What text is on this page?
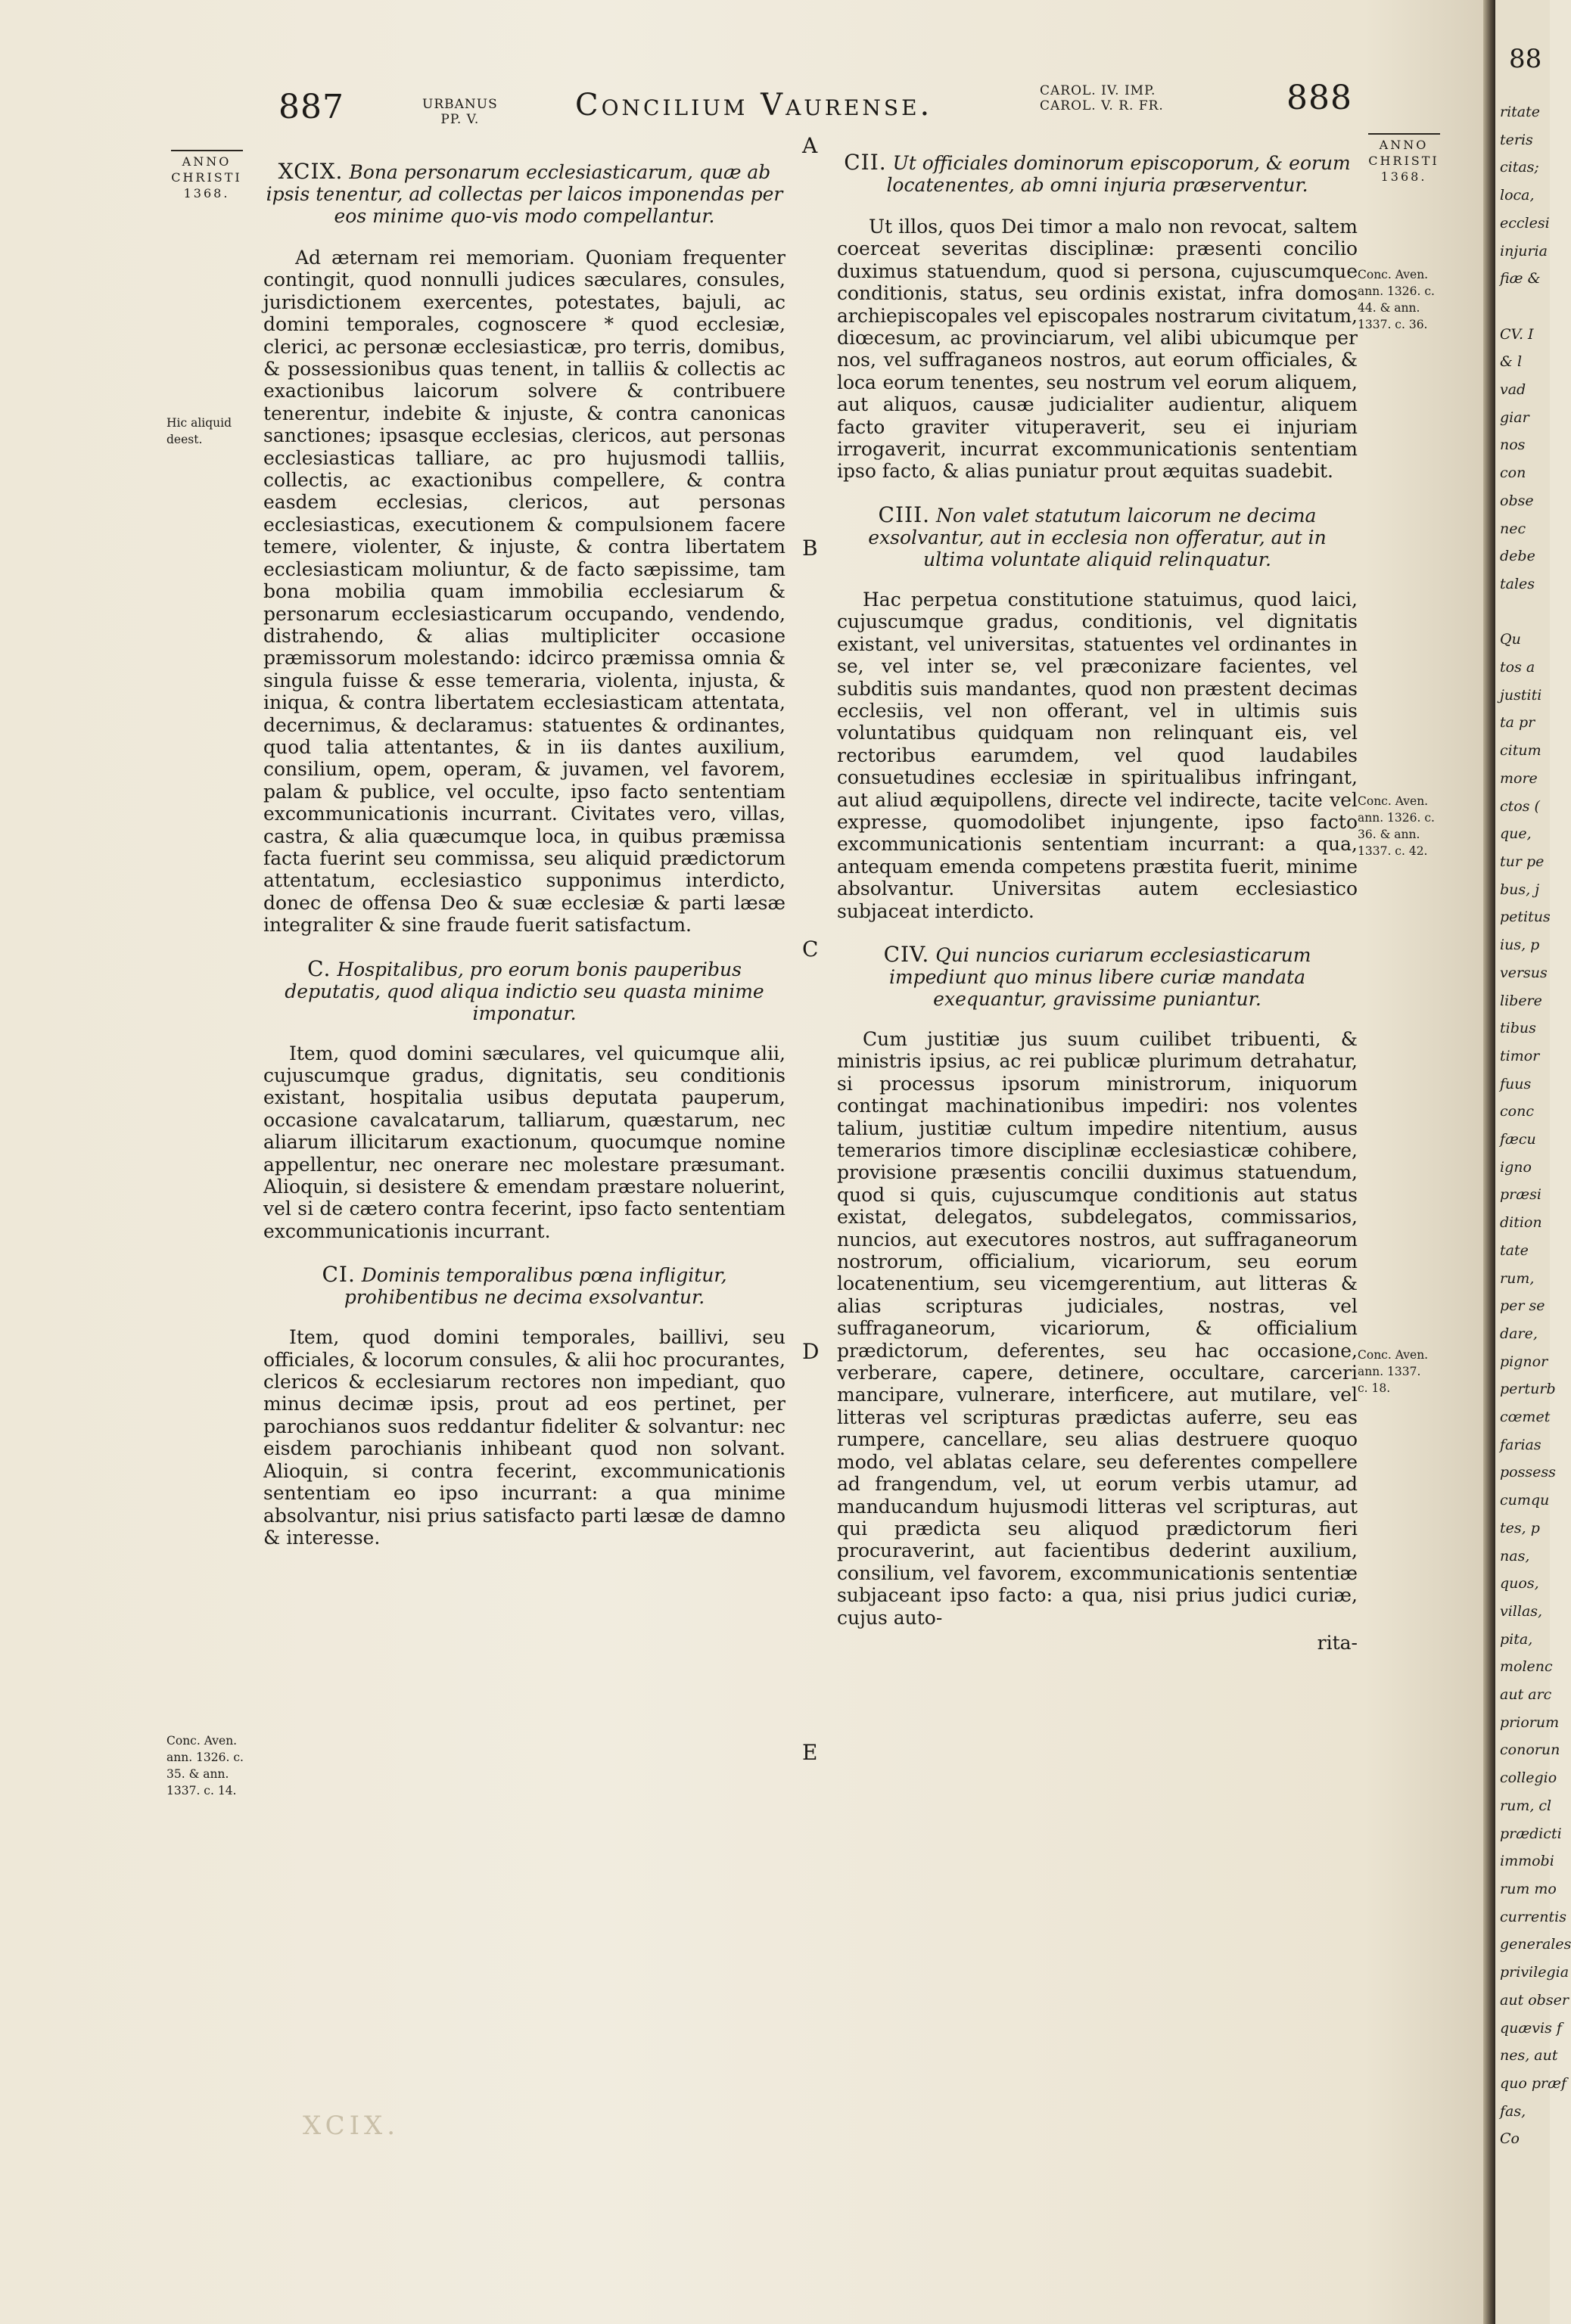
887	URBANUS
PP. V.	Concilium Vaurense.	CAROL. IV. IMP.
CAROL. V. R. FR.	888
ANNO
CHRISTI
1368.
Hic aliquid
deest.
Conc. Aven.
ann. 1326. c.
35. & ann.
1337. c. 14.
ANNO
CHRISTI
1368.
Conc. Aven.
ann. 1326. c.
44. & ann.
1337. c. 36.
Conc. Aven.
ann. 1326. c.
36. & ann.
1337. c. 42.
Conc. Aven.
ann. 1337.
c. 18.
A
B
C
D
E

XCIX. Bona personarum ecclesiasticarum, quæ ab ipsis tenentur, ad collectas per laicos imponendas per eos minime quo-vis modo compellantur.

Ad æternam rei memoriam. Quoniam frequenter contingit, quod nonnulli judices sæculares, consules, jurisdictionem exercentes, potestates, bajuli, ac domini temporales, cognoscere * quod ecclesiæ, clerici, ac personæ ecclesiasticæ, pro terris, domibus, & possessionibus quas tenent, in talliis & collectis ac exactionibus laicorum solvere & contribuere tenerentur, indebite & injuste, & contra canonicas sanctiones; ipsasque ecclesias, clericos, aut personas ecclesiasticas talliare, ac pro hujusmodi talliis, collectis, ac exactionibus compellere, & contra easdem ecclesias, clericos, aut personas ecclesiasticas, executionem & compulsionem facere temere, violenter, & injuste, & contra libertatem ecclesiasticam moliuntur, & de facto sæpissime, tam bona mobilia quam immobilia ecclesiarum & personarum ecclesiasticarum occupando, vendendo, distrahendo, & alias multipliciter occasione præmissorum molestando: idcirco præmissa omnia & singula fuisse & esse temeraria, violenta, injusta, & iniqua, & contra libertatem ecclesiasticam attentata, decernimus, & declaramus: statuentes & ordinantes, quod talia attentantes, & in iis dantes auxilium, consilium, opem, operam, & juvamen, vel favorem, palam & publice, vel occulte, ipso facto sententiam excommunicationis incurrant. Civitates vero, villas, castra, & alia quæcumque loca, in quibus præmissa facta fuerint seu commissa, seu aliquid prædictorum attentatum, ecclesiastico supponimus interdicto, donec de offensa Deo & suæ ecclesiæ & parti læsæ integraliter & sine fraude fuerit satisfactum.

C. Hospitalibus, pro eorum bonis pauperibus deputatis, quod aliqua indictio seu quasta minime imponatur.

Item, quod domini sæculares, vel quicumque alii, cujuscumque gradus, dignitatis, seu conditionis existant, hospitalia usibus deputata pauperum, occasione cavalcatarum, talliarum, quæstarum, nec aliarum illicitarum exactionum, quocumque nomine appellentur, nec onerare nec molestare præsumant. Alioquin, si desistere & emendam præstare noluerint, vel si de cætero contra fecerint, ipso facto sententiam excommunicationis incurrant.

CI. Dominis temporalibus pœna infligitur, prohibentibus ne decima exsolvantur.

Item, quod domini temporales, baillivi, seu officiales, & locorum consules, & alii hoc procurantes, clericos & ecclesiarum rectores non impediant, quo minus decimæ ipsis, prout ad eos pertinet, per parochianos suos reddantur fideliter & solvantur: nec eisdem parochianis inhibeant quod non solvant. Alioquin, si contra fecerint, excommunicationis sententiam eo ipso incurrant: a qua minime absolvantur, nisi prius satisfacto parti læsæ de damno & interesse.

CII. Ut officiales dominorum episcoporum, & eorum locatenentes, ab omni injuria præserventur.

Ut illos, quos Dei timor a malo non revocat, saltem coerceat severitas disciplinæ: præsenti concilio duximus statuendum, quod si persona, cujuscumque conditionis, status, seu ordinis existat, infra domos archiepiscopales vel episcopales nostrarum civitatum, diœcesum, ac provinciarum, vel alibi ubicumque per nos, vel suffraganeos nostros, aut eorum officiales, & loca eorum tenentes, seu nostrum vel eorum aliquem, aut aliquos, causæ judicialiter audientur, aliquem facto graviter vituperaverit, seu ei injuriam irrogaverit, incurrat excommunicationis sententiam ipso facto, & alias puniatur prout æquitas suadebit.

CIII. Non valet statutum laicorum ne decima exsolvantur, aut in ecclesia non offeratur, aut in ultima voluntate aliquid relinquatur.

Hac perpetua constitutione statuimus, quod laici, cujuscumque gradus, conditionis, vel dignitatis existant, vel universitas, statuentes vel ordinantes in se, vel inter se, vel præconizare facientes, vel subditis suis mandantes, quod non præstent decimas ecclesiis, vel non offerant, vel in ultimis suis voluntatibus quidquam non relinquant eis, vel rectoribus earumdem, vel quod laudabiles consuetudines ecclesiæ in spiritualibus infringant, aut aliud æquipollens, directe vel indirecte, tacite vel expresse, quomodolibet injungente, ipso facto excommunicationis sententiam incurrant: a qua, antequam emenda competens præstita fuerit, minime absolvantur. Universitas autem ecclesiastico subjaceat interdicto.

CIV. Qui nuncios curiarum ecclesiasticarum impediunt quo minus libere curiæ mandata exequantur, gravissime puniantur.

Cum justitiæ jus suum cuilibet tribuenti, & ministris ipsius, ac rei publicæ plurimum detrahatur, si processus ipsorum ministrorum, iniquorum contingat machinationibus impediri: nos volentes talium, justitiæ cultum impedire nitentium, ausus temerarios timore disciplinæ ecclesiasticæ cohibere, provisione præsentis concilii duximus statuendum, quod si quis, cujuscumque conditionis aut status existat, delegatos, subdelegatos, commissarios, nuncios, aut executores nostros, aut suffraganeorum nostrorum, officialium, vicariorum, seu eorum locatenentium, seu vicemgerentium, aut litteras & alias scripturas judiciales, nostras, vel suffraganeorum, vicariorum, & officialium prædictorum, deferentes, seu hac occasione, verberare, capere, detinere, occultare, carceri mancipare, vulnerare, interficere, aut mutilare, vel litteras vel scripturas prædictas auferre, seu eas rumpere, cancellare, seu alias destruere quoquo modo, vel ablatas celare, seu deferentes compellere ad frangendum, vel, ut eorum verbis utamur, ad manducandum hujusmodi litteras vel scripturas, aut qui prædicta seu aliquod prædictorum fieri procuraverint, aut facientibus dederint auxilium, consilium, vel favorem, excommunicationis sententiæ subjaceant ipso facto: a qua, nisi prius judici curiæ, cujus auto-

rita-

XCIX.
88
ritate
teris
citas;
loca,
ecclesi
injuria
fiæ &

CV. I
& l
vad
giar
nos
con
obse
nec
debe
tales

Qu
tos a
justiti
ta pr
citum
more
ctos (
que,
tur pe
bus, j
petitus
ius, p
versus
libere
tibus
timor
fuus
conc
fæcu
igno
præsi
dition
tate
rum,
per se
dare,
pignor
perturb
cœmet
farias
possess
cumqu
tes, p
nas,
quos,
villas,
pita,
molenc
aut arc
priorum
conorun
collegio
rum, cl
prædicti
immobi
rum mo
currentis
generales
privilegia
aut obser
quævis f
nes, aut
quo præf
fas,
Co
